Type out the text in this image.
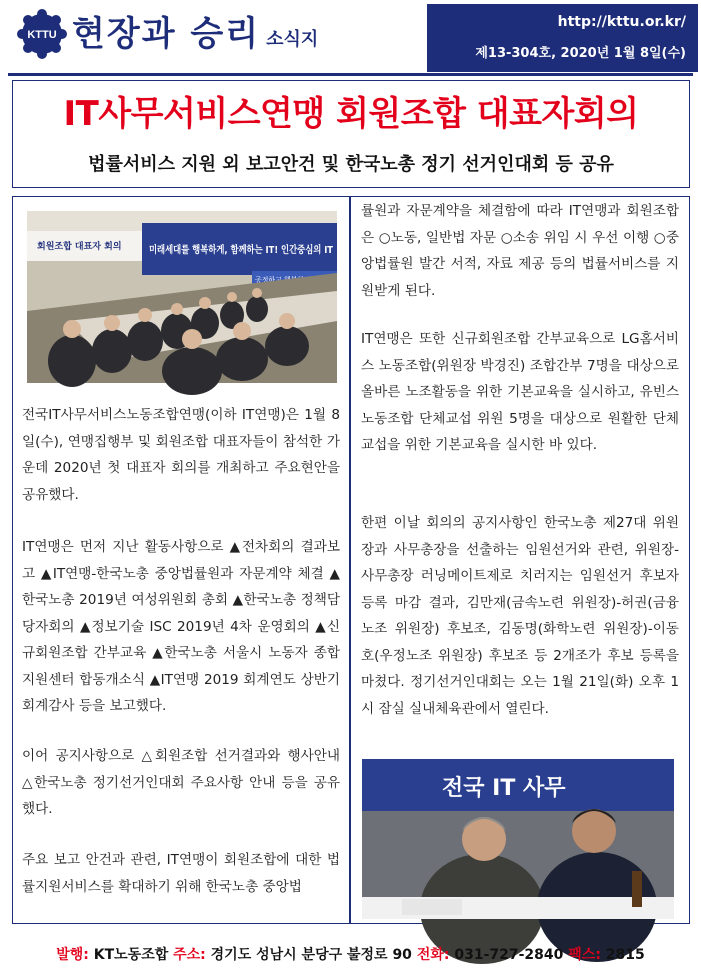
KTTU 현장과 승리 소식지
http://kttu.or.kr/
제13-304호, 2020년 1월 8일(수)
IT사무서비스연맹 회원조합 대표자회의
법률서비스 지원 외 보고안건 및 한국노총 정기 선거인대회 등 공유
회원조합 대표자 회의	미래세대를 행복하게, 함께하는 IT! 인간중심의 IT
전국IT사무서비스노동조합연맹(이하 IT연맹)은 1월 8일(수), 연맹집행부 및 회원조합 대표자들이 참석한 가운데 2020년 첫 대표자 회의를 개최하고 주요현안을 공유했다.
IT연맹은 먼저 지난 활동사항으로 ▲전차회의 결과보고 ▲IT연맹-한국노총 중앙법률원과 자문계약 체결 ▲한국노총 2019년 여성위원회 총회 ▲한국노총 정책담당자회의 ▲정보기술 ISC 2019년 4차 운영회의 ▲신규회원조합 간부교육 ▲한국노총 서울시 노동자 종합지원센터 합동개소식 ▲IT연맹 2019 회계연도 상반기 회계감사 등을 보고했다.
이어 공지사항으로 △회원조합 선거결과와 행사안내 △한국노총 정기선거인대회 주요사항 안내 등을 공유했다.
주요 보고 안건과 관련, IT연맹이 회원조합에 대한 법률지원서비스를 확대하기 위해 한국노총 중앙법
률원과 자문계약을 체결함에 따라 IT연맹과 회원조합은 ○노동, 일반법 자문 ○소송 위임 시 우선 이행 ○중앙법률원 발간 서적, 자료 제공 등의 법률서비스를 지원받게 된다.
IT연맹은 또한 신규회원조합 간부교육으로 LG홈서비스 노동조합(위원장 박경진) 조합간부 7명을 대상으로 올바른 노조활동을 위한 기본교육을 실시하고, 유빈스 노동조합 단체교섭 위원 5명을 대상으로 원활한 단체교섭을 위한 기본교육을 실시한 바 있다.
한편 이날 회의의 공지사항인 한국노총 제27대 위원장과 사무총장을 선출하는 임원선거와 관련, 위원장-사무총장 러닝메이트제로 치러지는 임원선거 후보자 등록 마감 결과, 김만재(금속노련 위원장)-허권(금융노조 위원장) 후보조, 김동명(화학노련 위원장)-이동호(우정노조 위원장) 후보조 등 2개조가 후보 등록을 마쳤다. 정기선거인대회는 오는 1월 21일(화) 오후 1시 잠실 실내체육관에서 열린다.
전국 IT 사무
발행: KT노동조합 주소: 경기도 성남시 분당구 불정로 90 전화: 031-727-2840 팩스: 2815
